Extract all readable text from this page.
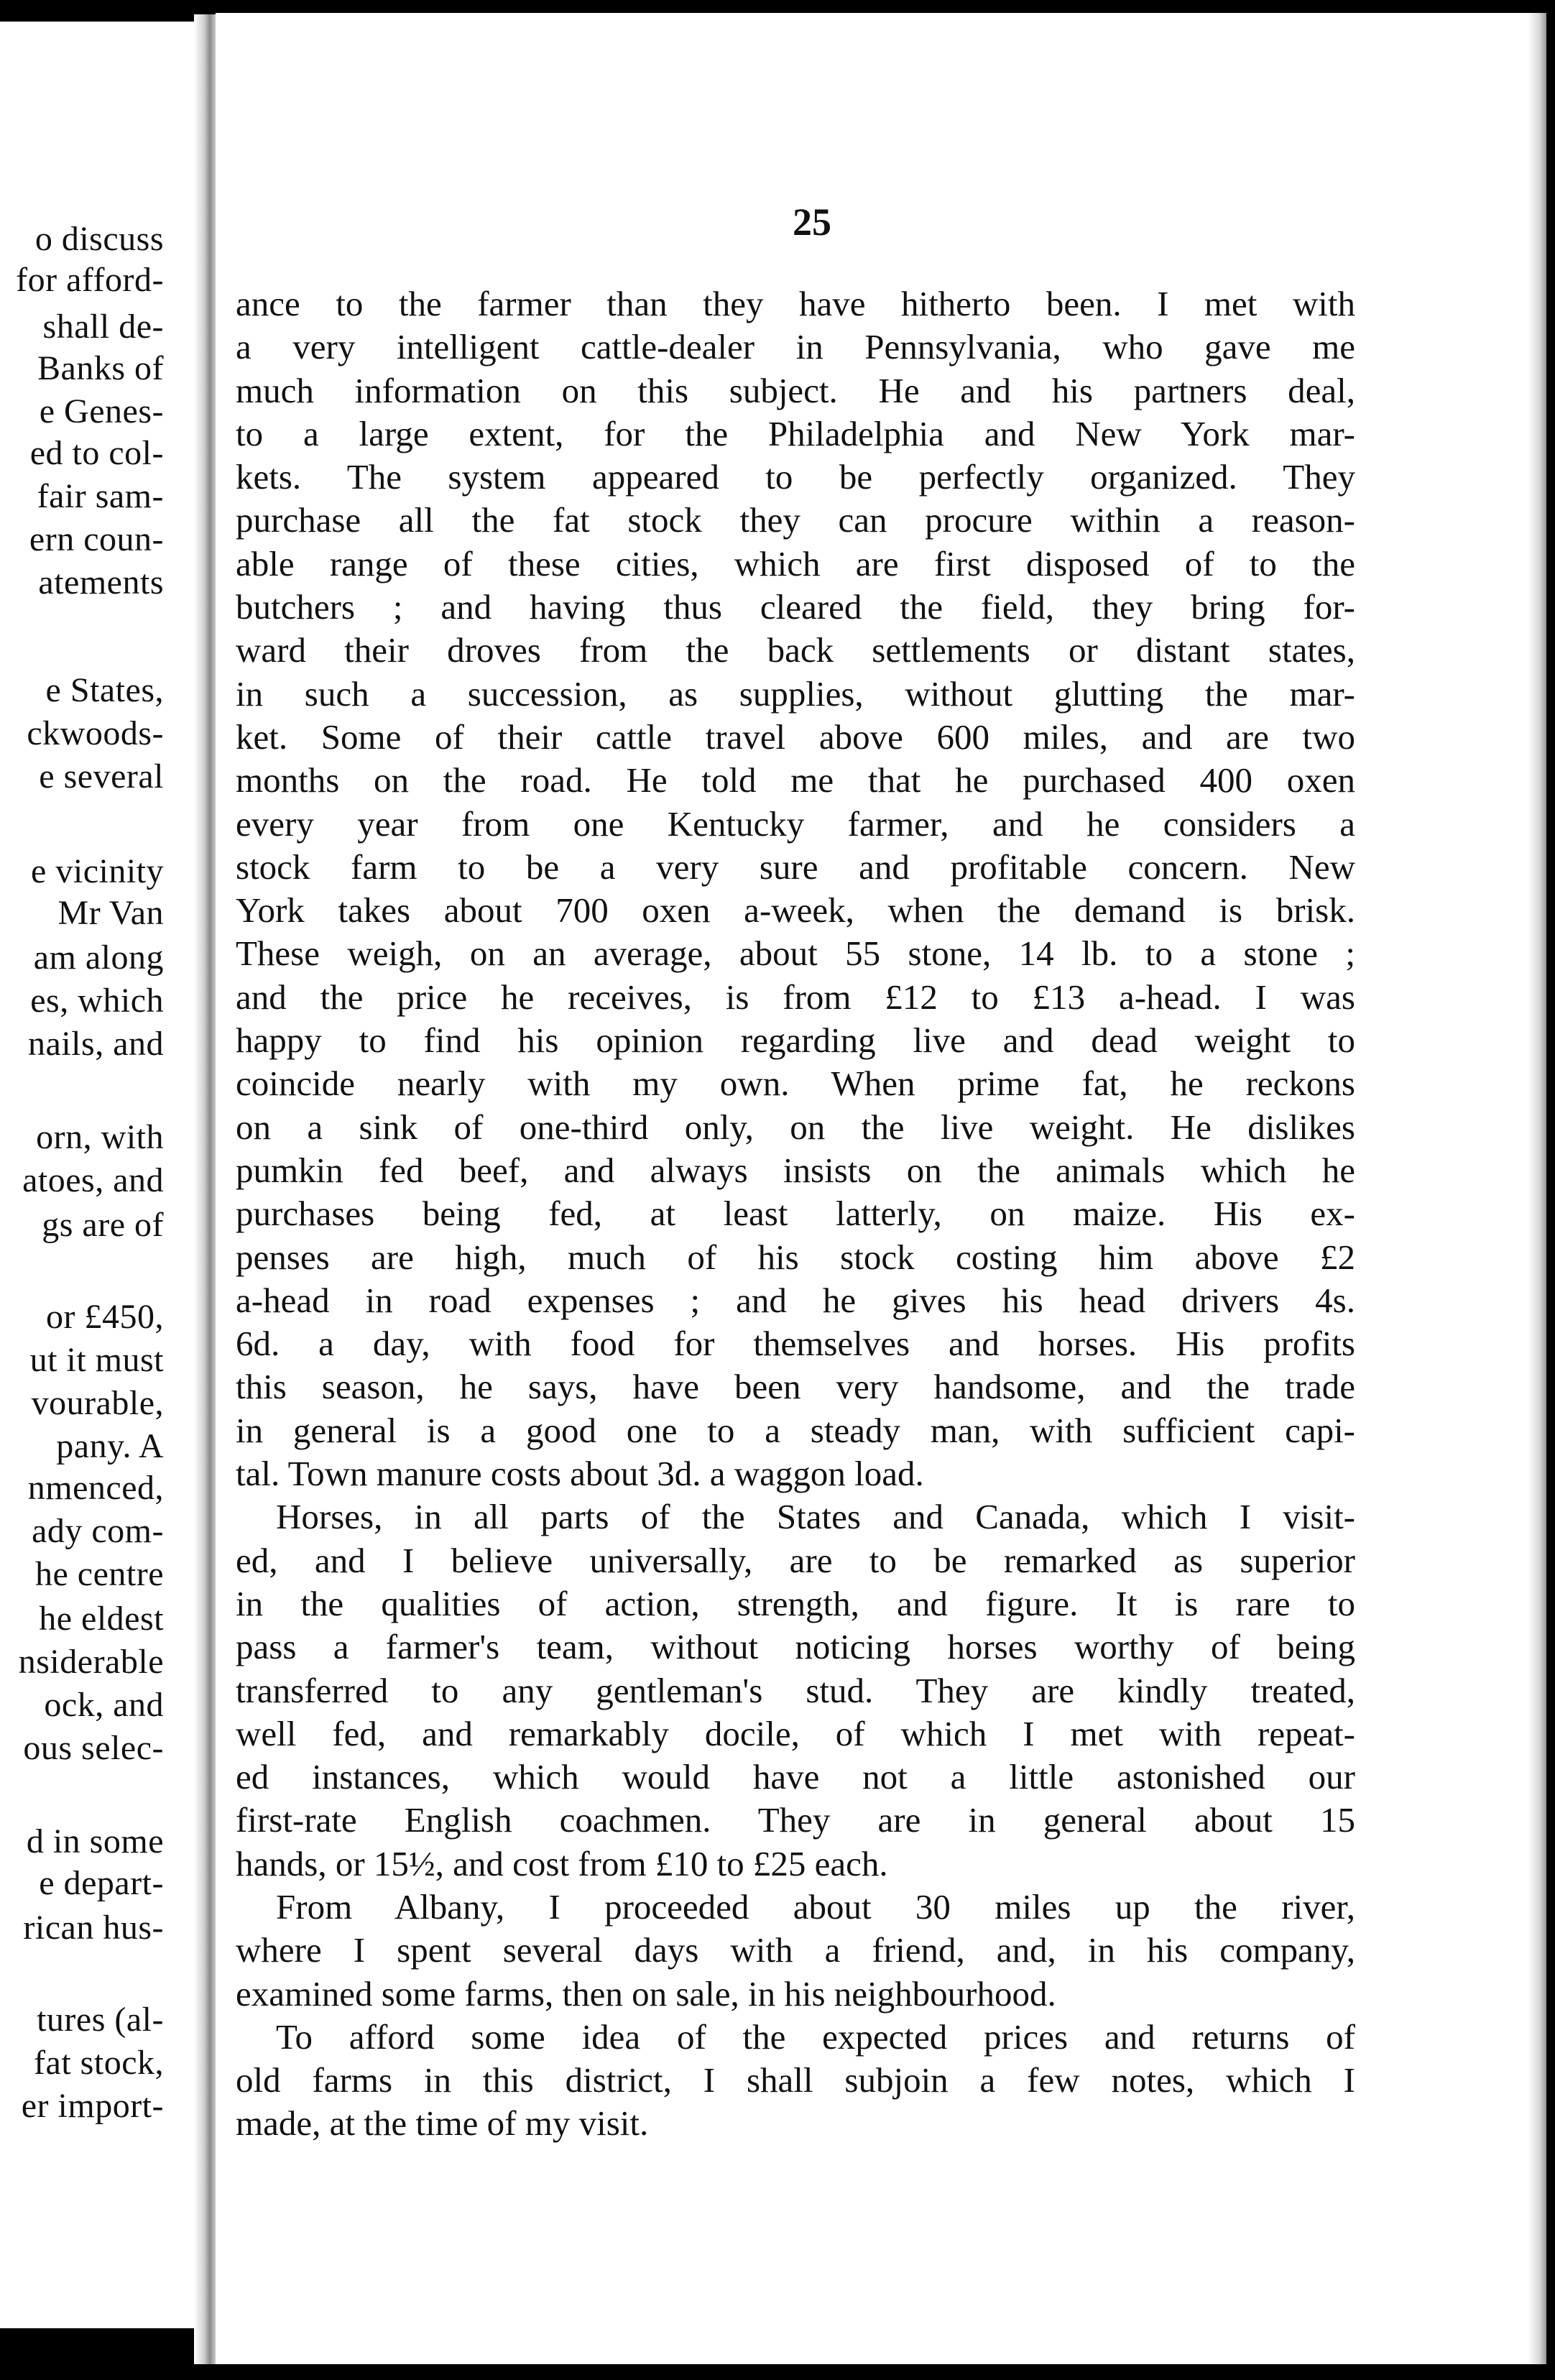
o discuss
for afford-
shall de-
Banks of
e Genes-
ed to col-
fair sam-
ern coun-
atements
e States,
ckwoods-
e several
e vicinity
Mr Van
am along
es, which
nails, and
orn, with
atoes, and
gs are of
or £450,
ut it must
vourable,
pany. A
nmenced,
ady com-
he centre
he eldest
nsiderable
ock, and
ous selec-
d in some
e depart-
rican hus-
tures (al-
fat stock,
er import-
25
ance to the farmer than they have hitherto been. I met with
a very intelligent cattle-dealer in Pennsylvania, who gave me
much information on this subject. He and his partners deal,
to a large extent, for the Philadelphia and New York mar-
kets. The system appeared to be perfectly organized. They
purchase all the fat stock they can procure within a reason-
able range of these cities, which are first disposed of to the
butchers ; and having thus cleared the field, they bring for-
ward their droves from the back settlements or distant states,
in such a succession, as supplies, without glutting the mar-
ket. Some of their cattle travel above 600 miles, and are two
months on the road. He told me that he purchased 400 oxen
every year from one Kentucky farmer, and he considers a
stock farm to be a very sure and profitable concern. New
York takes about 700 oxen a-week, when the demand is brisk.
These weigh, on an average, about 55 stone, 14 lb. to a stone ;
and the price he receives, is from £12 to £13 a-head. I was
happy to find his opinion regarding live and dead weight to
coincide nearly with my own. When prime fat, he reckons
on a sink of one-third only, on the live weight. He dislikes
pumkin fed beef, and always insists on the animals which he
purchases being fed, at least latterly, on maize. His ex-
penses are high, much of his stock costing him above £2
a-head in road expenses ; and he gives his head drivers 4s.
6d. a day, with food for themselves and horses. His profits
this season, he says, have been very handsome, and the trade
in general is a good one to a steady man, with sufficient capi-
tal. Town manure costs about 3d. a waggon load.
Horses, in all parts of the States and Canada, which I visit-
ed, and I believe universally, are to be remarked as superior
in the qualities of action, strength, and figure. It is rare to
pass a farmer's team, without noticing horses worthy of being
transferred to any gentleman's stud. They are kindly treated,
well fed, and remarkably docile, of which I met with repeat-
ed instances, which would have not a little astonished our
first-rate English coachmen. They are in general about 15
hands, or 15½, and cost from £10 to £25 each.
From Albany, I proceeded about 30 miles up the river,
where I spent several days with a friend, and, in his company,
examined some farms, then on sale, in his neighbourhood.
To afford some idea of the expected prices and returns of
old farms in this district, I shall subjoin a few notes, which I
made, at the time of my visit.
